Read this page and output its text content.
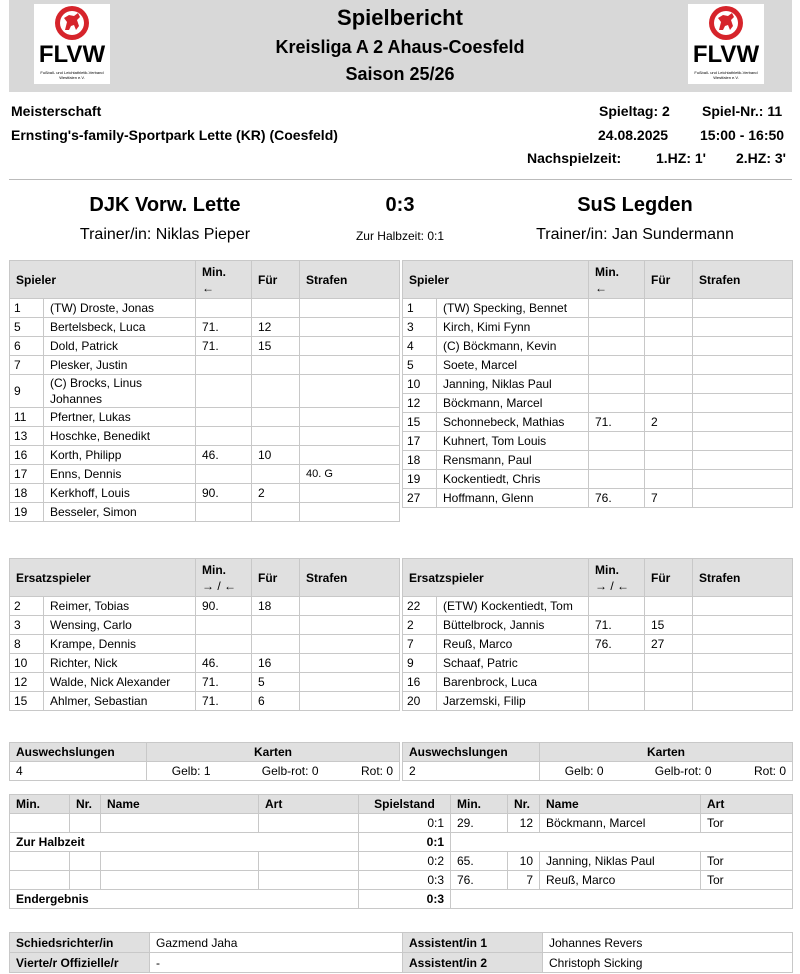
FLVW
Fußball- und Leichtathletik-Verband Westfalen e.V.
FLVW
Fußball- und Leichtathletik-Verband Westfalen e.V.
Spielbericht
Kreisliga A 2 Ahaus-Coesfeld
Saison 25/26
Meisterschaft
Ernsting's-family-Sportpark Lette (KR) (Coesfeld)
Spieltag: 2 Spiel-Nr.: 11
24.08.2025 15:00 - 16:50
Nachspielzeit: 1.HZ: 1' 2.HZ: 3'
DJK Vorw. Lette	0:3	SuS Legden
Trainer/in: Niklas Pieper	Zur Halbzeit: 0:1	Trainer/in: Jan Sundermann
Spieler		Min.
←	Für	Strafen
1	(TW) Droste, Jonas			
5	Bertelsbeck, Luca	71.	12	
6	Dold, Patrick	71.	15	
7	Plesker, Justin			
9	(C) Brocks, Linus Johannes			
11	Pfertner, Lukas			
13	Hoschke, Benedikt			
16	Korth, Philipp	46.	10	
17	Enns, Dennis			40. G
18	Kerkhoff, Louis	90.	2	
19	Besseler, Simon			
Spieler		Min.
←	Für	Strafen
1	(TW) Specking, Bennet			
3	Kirch, Kimi Fynn			
4	(C) Böckmann, Kevin			
5	Soete, Marcel			
10	Janning, Niklas Paul			
12	Böckmann, Marcel			
15	Schonnebeck, Mathias	71.	2	
17	Kuhnert, Tom Louis			
18	Rensmann, Paul			
19	Kockentiedt, Chris			
27	Hoffmann, Glenn	76.	7	
Ersatzspieler		Min.
→ / ←	Für	Strafen
2	Reimer, Tobias	90.	18	
3	Wensing, Carlo			
8	Krampe, Dennis			
10	Richter, Nick	46.	16	
12	Walde, Nick Alexander	71.	5	
15	Ahlmer, Sebastian	71.	6	
Ersatzspieler		Min.
→ / ←	Für	Strafen
22	(ETW) Kockentiedt, Tom			
2	Büttelbrock, Jannis	71.	15	
7	Reuß, Marco	76.	27	
9	Schaaf, Patric			
16	Barenbrock, Luca			
20	Jarzemski, Filip			
Auswechslungen	Karten		
4	Gelb: 1	Gelb-rot: 0	Rot: 0
Auswechslungen	Karten		
2	Gelb: 0	Gelb-rot: 0	Rot: 0
Min.	Nr.	Name	Art	Spielstand	Min.	Nr.	Name	Art
				0:1	29.	12	Böckmann, Marcel	Tor
Zur Halbzeit				0:1				
				0:2	65.	10	Janning, Niklas Paul	Tor
				0:3	76.	7	Reuß, Marco	Tor
Endergebnis				0:3				
Schiedsrichter/in	Gazmend Jaha	Assistent/in 1	Johannes Revers
Vierte/r Offizielle/r	-	Assistent/in 2	Christoph Sicking
